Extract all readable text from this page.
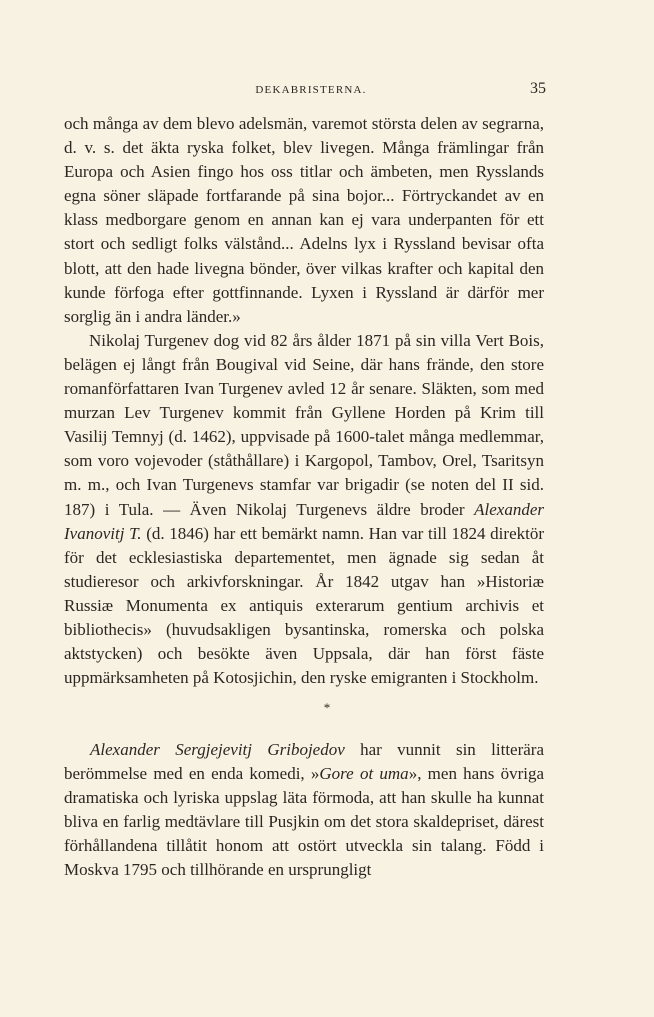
DEKABRISTERNA.	35

och många av dem blevo adelsmän, varemot största delen av segrarna, d. v. s. det äkta ryska folket, blev livegen. Många främlingar från Europa och Asien fingo hos oss titlar och ämbeten, men Rysslands egna söner släpade fortfarande på sina bojor... Förtryckandet av en klass medborgare genom en annan kan ej vara underpanten för ett stort och sedligt folks välstånd... Adelns lyx i Ryssland bevisar ofta blott, att den hade livegna bönder, över vilkas krafter och kapital den kunde förfoga efter gottfinnande. Lyxen i Ryssland är därför mer sorglig än i andra länder.»

Nikolaj Turgenev dog vid 82 års ålder 1871 på sin villa Vert Bois, belägen ej långt från Bougival vid Seine, där hans frände, den store romanförfattaren Ivan Turgenev avled 12 år senare. Släkten, som med murzan Lev Turgenev kommit från Gyllene Horden på Krim till Vasilij Temnyj (d. 1462), uppvisade på 1600-talet många medlemmar, som voro vojevoder (ståthållare) i Kargopol, Tambov, Orel, Tsaritsyn m. m., och Ivan Turgenevs stamfar var brigadir (se noten del II sid. 187) i Tula. — Även Nikolaj Turgenevs äldre broder Alexander Ivanovitj T. (d. 1846) har ett bemärkt namn. Han var till 1824 direktör för det ecklesiastiska departementet, men ägnade sig sedan åt studieresor och arkivforskningar. År 1842 utgav han »Historiæ Russiæ Monumenta ex antiquis exterarum gentium archivis et bibliothecis» (huvudsakligen bysantinska, romerska och polska aktstycken) och besökte även Uppsala, där han först fäste uppmärksamheten på Kotosjichin, den ryske emigranten i Stockholm.

*

Alexander Sergjejevitj Gribojedov har vunnit sin litterära berömmelse med en enda komedi, »Gore ot uma», men hans övriga dramatiska och lyriska uppslag läta förmoda, att han skulle ha kunnat bliva en farlig medtävlare till Pusjkin om det stora skaldepriset, därest förhållandena tillåtit honom att ostört utveckla sin talang. Född i Moskva 1795 och tillhörande en ursprungligt
